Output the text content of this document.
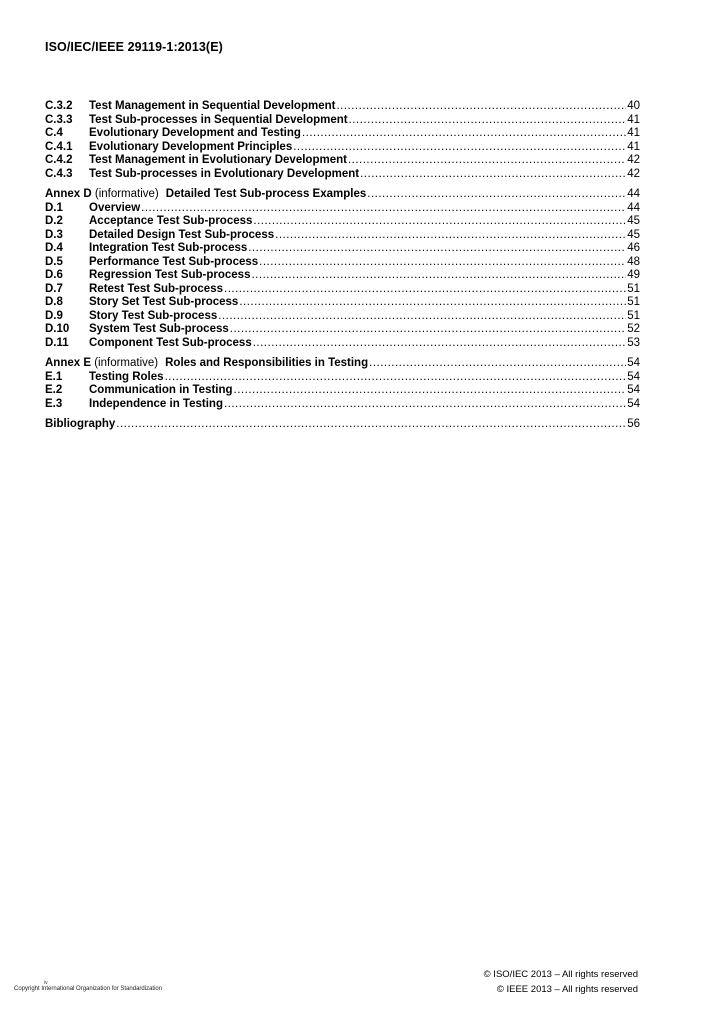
ISO/IEC/IEEE 29119-1:2013(E)
C.3.2	Test Management in Sequential Development .....	40
C.3.3	Test Sub-processes in Sequential Development .....	41
C.4	Evolutionary Development and Testing .....	41
C.4.1	Evolutionary Development Principles .....	41
C.4.2	Test Management in Evolutionary Development .....	42
C.4.3	Test Sub-processes in Evolutionary Development .....	42
Annex D (informative) Detailed Test Sub-process Examples .....	44
D.1	Overview .....	44
D.2	Acceptance Test Sub-process .....	45
D.3	Detailed Design Test Sub-process .....	45
D.4	Integration Test Sub-process .....	46
D.5	Performance Test Sub-process .....	48
D.6	Regression Test Sub-process .....	49
D.7	Retest Test Sub-process .....	51
D.8	Story Set Test Sub-process .....	51
D.9	Story Test Sub-process .....	51
D.10	System Test Sub-process .....	52
D.11	Component Test Sub-process .....	53
Annex E (informative) Roles and Responsibilities in Testing .....	54
E.1	Testing Roles .....	54
E.2	Communication in Testing .....	54
E.3	Independence in Testing .....	54
Bibliography .....	56
iv
Copyright International Organization for Standardization
© ISO/IEC 2013 – All rights reserved
© IEEE 2013 – All rights reserved
